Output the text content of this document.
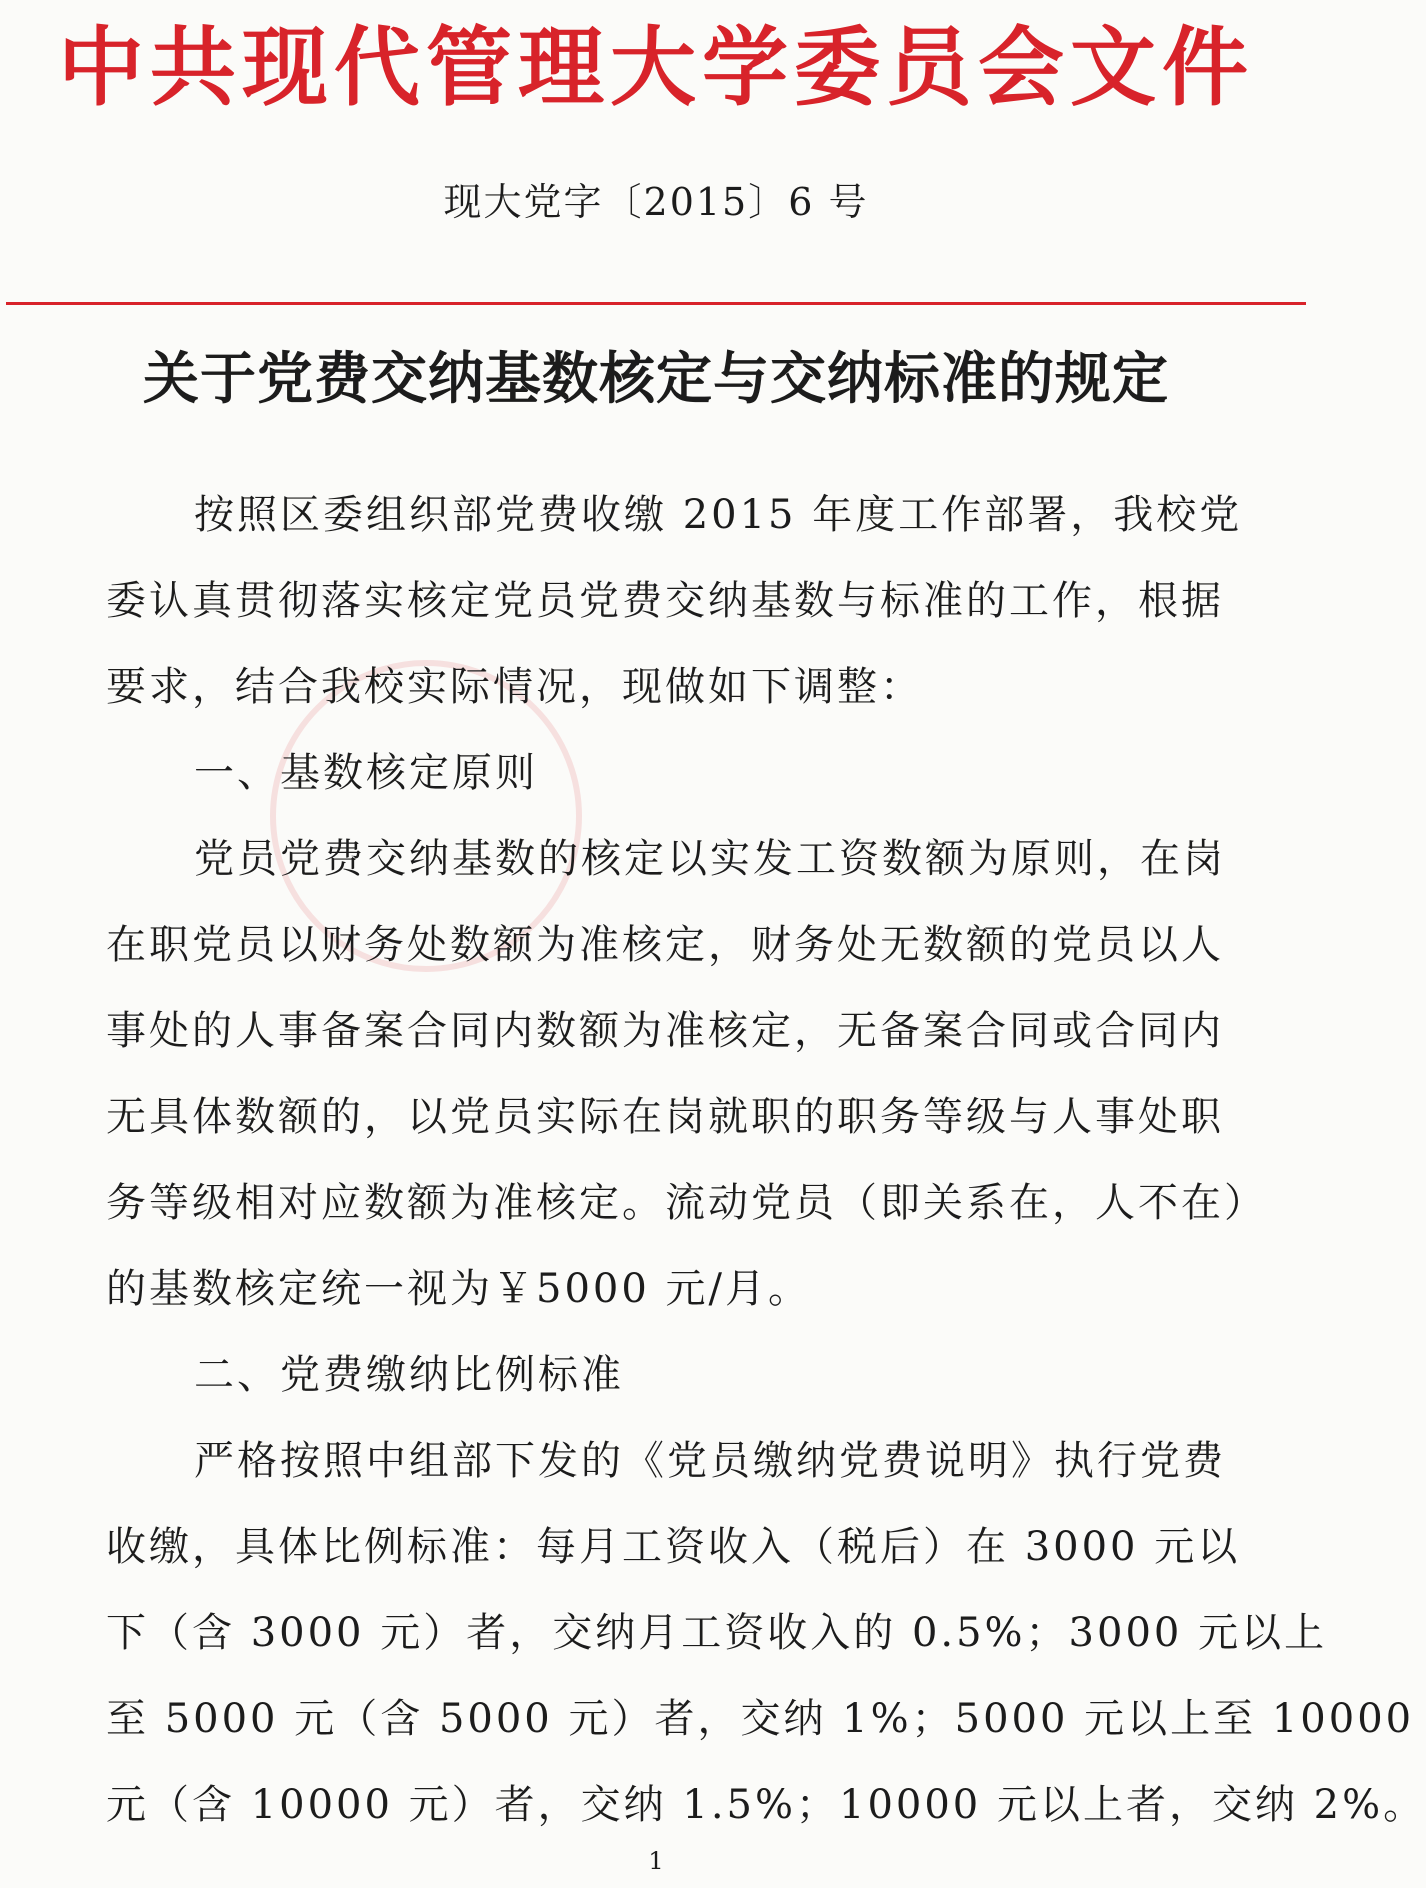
中共现代管理大学委员会文件
现大党字〔2015〕6 号
关于党费交纳基数核定与交纳标准的规定
按照区委组织部党费收缴 2015 年度工作部署，我校党
委认真贯彻落实核定党员党费交纳基数与标准的工作，根据
要求，结合我校实际情况，现做如下调整：
一、基数核定原则
党员党费交纳基数的核定以实发工资数额为原则，在岗
在职党员以财务处数额为准核定，财务处无数额的党员以人
事处的人事备案合同内数额为准核定，无备案合同或合同内
无具体数额的，以党员实际在岗就职的职务等级与人事处职
务等级相对应数额为准核定。流动党员（即关系在，人不在）
的基数核定统一视为￥5000 元/月。
二、党费缴纳比例标准
严格按照中组部下发的《党员缴纳党费说明》执行党费
收缴，具体比例标准：每月工资收入（税后）在 3000 元以
下（含 3000 元）者，交纳月工资收入的 0.5%；3000 元以上
至 5000 元（含 5000 元）者，交纳 1%；5000 元以上至 10000
元（含 10000 元）者，交纳 1.5%；10000 元以上者，交纳 2%。
1
